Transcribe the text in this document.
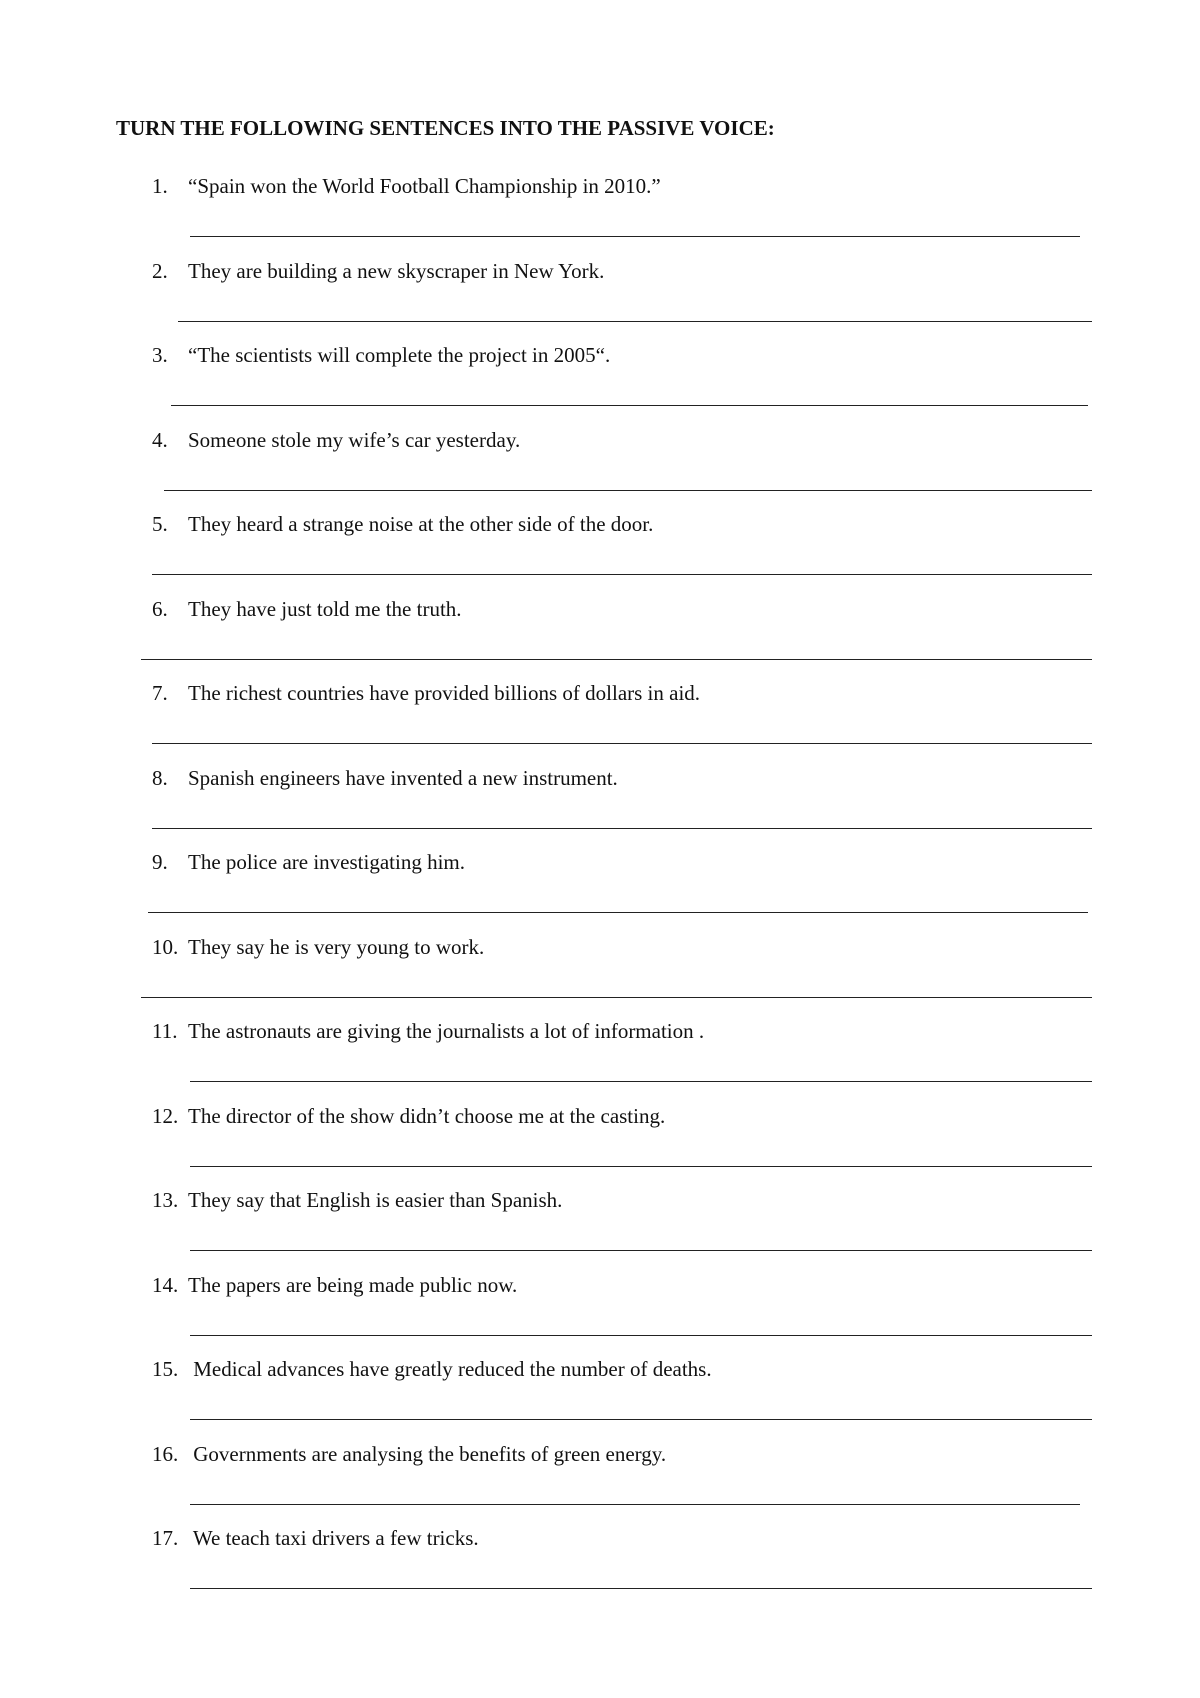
TURN THE FOLLOWING SENTENCES INTO THE PASSIVE VOICE:
1. “Spain won the World Football Championship in 2010.”
2. They are building a new skyscraper in New York.
3. “The scientists will complete the project in 2005“.
4. Someone stole my wife’s car yesterday.
5. They heard a strange noise at the other side of the door.
6. They have just told me the truth.
7. The richest countries have provided billions of dollars in aid.
8. Spanish engineers have invented a new instrument.
9. The police are investigating him.
10. They say he is very young to work.
11. The astronauts are giving the journalists a lot of information .
12. The director of the show didn’t choose me at the casting.
13. They say that English is easier than Spanish.
14. The papers are being made public now.
15. Medical advances have greatly reduced the number of deaths.
16. Governments are analysing the benefits of green energy.
17. We teach taxi drivers a few tricks.
